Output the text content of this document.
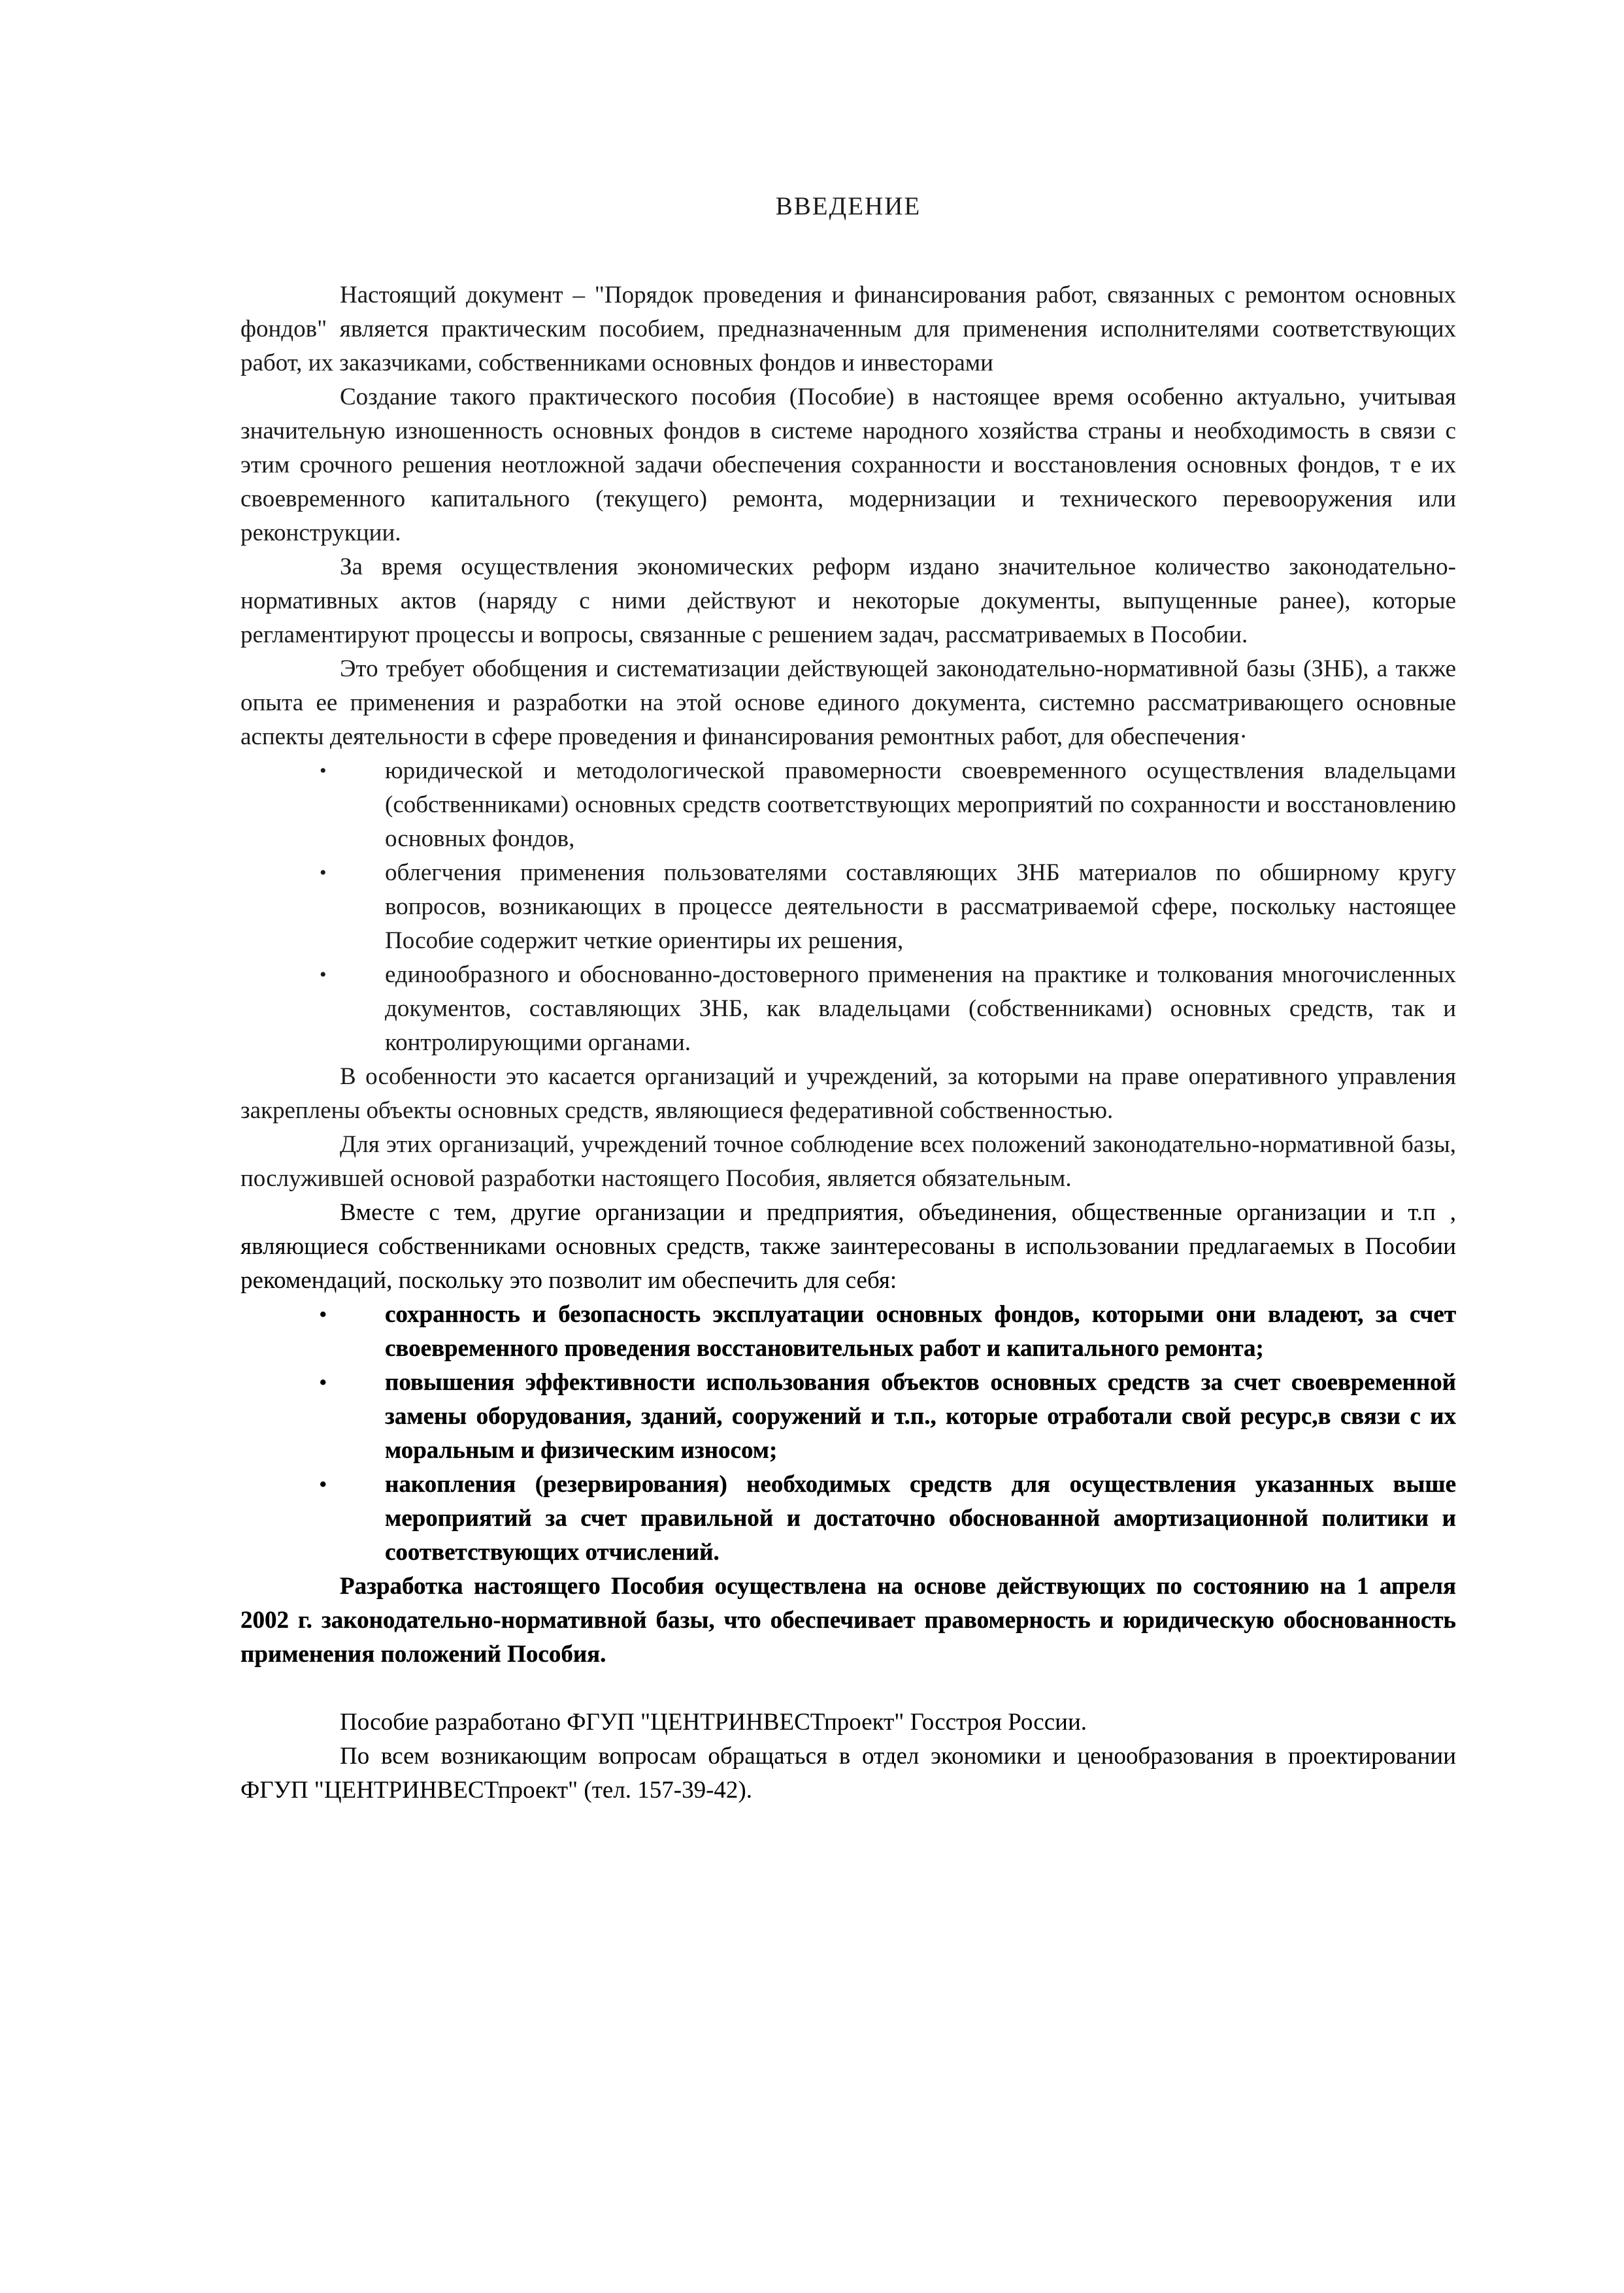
ВВЕДЕНИЕ

Настоящий документ – "Порядок проведения и финансирования работ, связанных с ремонтом основных фондов" является практическим пособием, предназначенным для применения исполнителями соответствующих работ, их заказчиками, собственниками основных фондов и инвесторами

Создание такого практического пособия (Пособие) в настоящее время особенно актуально, учитывая значительную изношенность основных фондов в системе народного хозяйства страны и необходимость в связи с этим срочного решения неотложной задачи обеспечения сохранности и восстановления основных фондов, т е их своевременного капитального (текущего) ремонта, модернизации и технического перевооружения или реконструкции.

За время осуществления экономических реформ издано значительное количество законодательно-нормативных актов (наряду с ними действуют и некоторые документы, выпущенные ранее), которые регламентируют процессы и вопросы, связанные с решением задач, рассматриваемых в Пособии.

Это требует обобщения и систематизации действующей законодательно-нормативной базы (ЗНБ), а также опыта ее применения и разработки на этой основе единого документа, системно рассматривающего основные аспекты деятельности в сфере проведения и финансирования ремонтных работ, для обеспечения·

• юридической и методологической правомерности своевременного осуществления владельцами (собственниками) основных средств соответствующих мероприятий по сохранности и восстановлению основных фондов,
• облегчения применения пользователями составляющих ЗНБ материалов по обширному кругу вопросов, возникающих в процессе деятельности в рассматриваемой сфере, поскольку настоящее Пособие содержит четкие ориентиры их решения,
• единообразного и обоснованно-достоверного применения на практике и толкования многочисленных документов, составляющих ЗНБ, как владельцами (собственниками) основных средств, так и контролирующими органами.

В особенности это касается организаций и учреждений, за которыми на праве оперативного управления закреплены объекты основных средств, являющиеся федеративной собственностью.

Для этих организаций, учреждений точное соблюдение всех положений законодательно-нормативной базы, послужившей основой разработки настоящего Пособия, является обязательным.

Вместе с тем, другие организации и предприятия, объединения, общественные организации и т.п , являющиеся собственниками основных средств, также заинтересованы в использовании предлагаемых в Пособии рекомендаций, поскольку это позволит им обеспечить для себя:

• сохранность и безопасность эксплуатации основных фондов, которыми они владеют, за счет своевременного проведения восстановительных работ и капитального ремонта;
• повышения эффективности использования объектов основных средств за счет своевременной замены оборудования, зданий, сооружений и т.п., которые отработали свой ресурс,в связи с их моральным и физическим износом;
• накопления (резервирования) необходимых средств для осуществления указанных выше мероприятий за счет правильной и достаточно обоснованной амортизационной политики и соответствующих отчислений.

Разработка настоящего Пособия осуществлена на основе действующих по состоянию на 1 апреля 2002 г. законодательно-нормативной базы, что обеспечивает правомерность и юридическую обоснованность применения положений Пособия.

Пособие разработано ФГУП "ЦЕНТРИНВЕСТпроект" Госстроя России.

По всем возникающим вопросам обращаться в отдел экономики и ценообразования в проектировании ФГУП "ЦЕНТРИНВЕСТпроект" (тел. 157-39-42).
